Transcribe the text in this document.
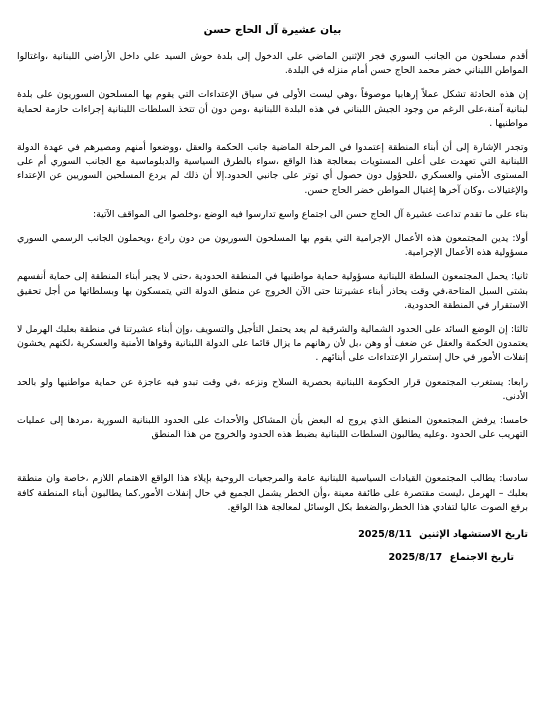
بيان عشيرة آل الحاج حسن

أقدم مسلحون من الجانب السوري فجر الإثنين الماضي على الدخول إلى بلدة حوش السيد علي داخل الأراضي اللبنانية ،واغتالوا المواطن اللبناني خضر محمد الحاج حسن أمام منزله في البلدة.

إن هذه الحادثة تشكل عملاً إرهابيا موصوفاً ،وهي ليست الأولى في سياق الإعتداءات التي يقوم بها المسلحون السوريون على بلدة لبنانية آمنة،على الرغم من وجود الجيش اللبناني في هذه البلدة اللبنانية ،ومن دون أن تتخذ السلطات اللبنانية إجراءات حازمة لحماية مواطنيها .

وتجدر الإشارة إلى أن أبناء المنطقة إعتمدوا في المرحلة الماضية جانب الحكمة والعقل ،ووضعوا أمنهم ومصيرهم في عهدة الدولة اللبنانية التي تعهدت على أعلى المستويات بمعالجة هذا الواقع ،سواء بالطرق السياسية والدبلوماسية مع الجانب السوري أم على المستوى الأمني والعسكري ،للحؤول دون حصول أي توتر على جانبي الحدود.إلا أن ذلك لم يردع المسلحين السوريين عن الإعتداء والإغتيالات ،وكان آخرها إغتيال المواطن خضر الحاج حسن.

بناء على ما تقدم تداعت عشيرة آل الحاج حسن الى اجتماع واسع تدارسوا فيه الوضع ،وخلصوا الى المواقف الآتية:

أولا: يدين المجتمعون هذه الأعمال الإجرامية التي يقوم بها المسلحون السوريون من دون رادع ،ويحملون الجانب الرسمي السوري مسؤولية هذه الأعمال الإجرامية.

ثانيا: يحمل المجتمعون السلطة اللبنانية مسؤولية حماية مواطنيها في المنطقة الحدودية ،حتى لا يجبر أبناء المنطقة إلى حماية أنفسهم بشتى السبل المتاحة،في وقت يحاذر أبناء عشيرتنا حتى الآن الخروج عن منطق الدولة التي يتمسكون بها وبسلطاتها من أجل تحقيق الاستقرار في المنطقة الحدودية.

ثالثا: إن الوضع السائد على الحدود الشمالية والشرقية لم يعد يحتمل التأجيل والتسويف ،وإن أبناء عشيرتنا في منطقة بعلبك الهرمل لا يعتمدون الحكمة والعقل عن ضعف أو وهن ،بل لأن رهانهم ما يزال قائما على الدولة اللبنانية وقواها الأمنية والعسكرية ،لكنهم يخشون إنفلات الأمور في حال إستمرار الإعتداءات على أبنائهم .

رابعا: يستغرب المجتمعون قرار الحكومة اللبنانية بحصرية السلاح ونزعه ،في وقت تبدو فيه عاجزة عن حماية مواطنيها ولو بالحد الأدنى.

خامسا: يرفض المجتمعون المنطق الذي يروج له البعض بأن المشاكل والأحداث على الحدود اللبنانية السورية ،مردها إلى عمليات التهريب على الحدود .وعليه يطالبون السلطات اللبنانية بضبط هذه الحدود والخروج من هذا المنطق

سادسا: يطالب المجتمعون القيادات السياسية اللبنانية عامة والمرجعيات الروحية بإيلاء هذا الواقع الاهتمام اللازم ،خاصة وان منطقة بعلبك – الهرمل ،ليست مقتصرة على طائفة معينة ،وأن الخطر يشمل الجميع في حال إنفلات الأمور.كما يطالبون أبناء المنطقة كافة برفع الصوت عاليا لتفادي هذا الخطر،والضغط بكل الوسائل لمعالجة هذا الواقع.

تاريخ الاستشهاد الإثنين 2025/8/11

تاريخ الاجتماع 2025/8/17
